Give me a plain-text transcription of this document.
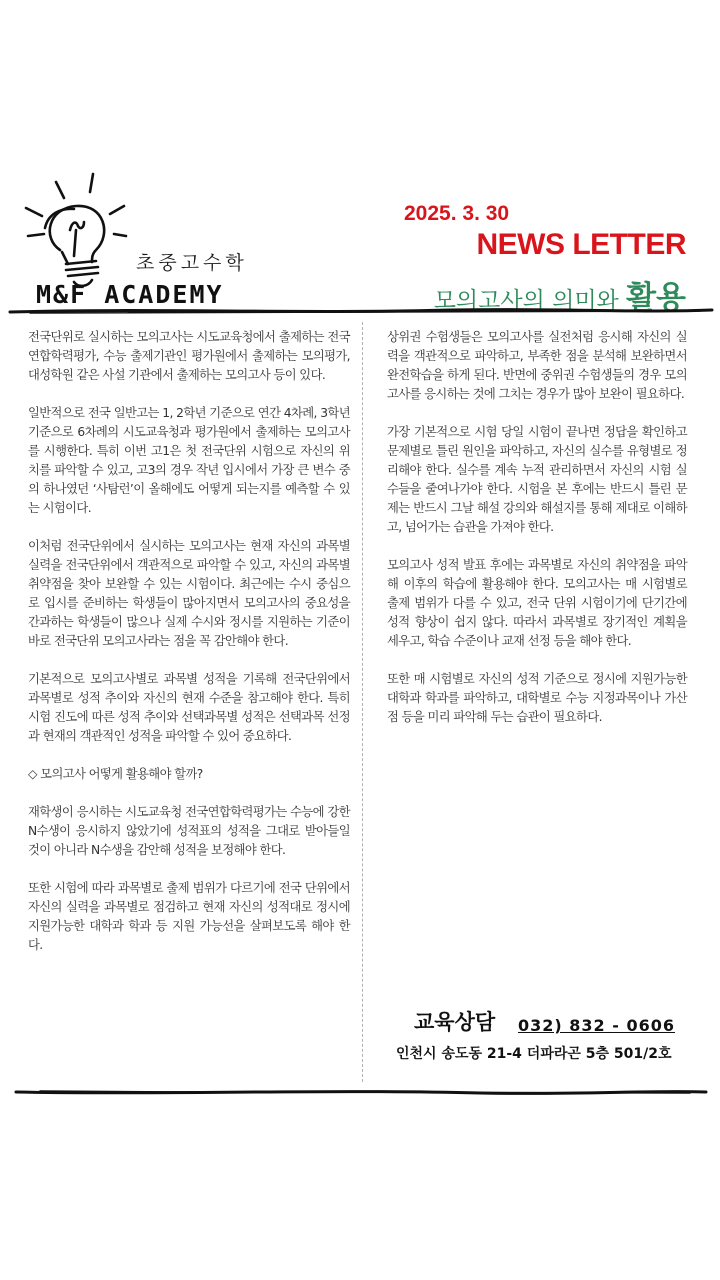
초중고수학
M&F ACADEMY
2025. 3. 30
NEWS LETTER
모의고사의 의미와 활용

전국단위로 실시하는 모의고사는 시도교육청에서 출제하는 전국연합학력평가, 수능 출제기관인 평가원에서 출제하는 모의평가, 대성학원 같은 사설 기관에서 출제하는 모의고사 등이 있다.

일반적으로 전국 일반고는 1, 2학년 기준으로 연간 4차례, 3학년 기준으로 6차례의 시도교육청과 평가원에서 출제하는 모의고사를 시행한다. 특히 이번 고1은 첫 전국단위 시험으로 자신의 위치를 파악할 수 있고, 고3의 경우 작년 입시에서 가장 큰 변수 중의 하나였던 ‘사탐런’이 올해에도 어떻게 되는지를 예측할 수 있는 시험이다.

이처럼 전국단위에서 실시하는 모의고사는 현재 자신의 과목별 실력을 전국단위에서 객관적으로 파악할 수 있고, 자신의 과목별 취약점을 찾아 보완할 수 있는 시험이다. 최근에는 수시 중심으로 입시를 준비하는 학생들이 많아지면서 모의고사의 중요성을 간과하는 학생들이 많으나 실제 수시와 정시를 지원하는 기준이 바로 전국단위 모의고사라는 점을 꼭 감안해야 한다.

기본적으로 모의고사별로 과목별 성적을 기록해 전국단위에서 과목별로 성적 추이와 자신의 현재 수준을 참고해야 한다. 특히 시험 진도에 따른 성적 추이와 선택과목별 성적은 선택과목 선정과 현재의 객관적인 성적을 파악할 수 있어 중요하다.

◇ 모의고사 어떻게 활용해야 할까?

재학생이 응시하는 시도교육청 전국연합학력평가는 수능에 강한 N수생이 응시하지 않았기에 성적표의 성적을 그대로 받아들일 것이 아니라 N수생을 감안해 성적을 보정해야 한다.

또한 시험에 따라 과목별로 출제 범위가 다르기에 전국 단위에서 자신의 실력을 과목별로 점검하고 현재 자신의 성적대로 정시에 지원가능한 대학과 학과 등 지원 가능선을 살펴보도록 해야 한다.

상위권 수험생들은 모의고사를 실전처럼 응시해 자신의 실력을 객관적으로 파악하고, 부족한 점을 분석해 보완하면서 완전학습을 하게 된다. 반면에 중위권 수험생들의 경우 모의고사를 응시하는 것에 그치는 경우가 많아 보완이 필요하다.

가장 기본적으로 시험 당일 시험이 끝나면 정답을 확인하고 문제별로 틀린 원인을 파악하고, 자신의 실수를 유형별로 정리해야 한다. 실수를 계속 누적 관리하면서 자신의 시험 실수들을 줄여나가야 한다. 시험을 본 후에는 반드시 틀린 문제는 반드시 그날 해설 강의와 해설지를 통해 제대로 이해하고, 넘어가는 습관을 가져야 한다.

모의고사 성적 발표 후에는 과목별로 자신의 취약점을 파악해 이후의 학습에 활용해야 한다. 모의고사는 매 시험별로 출제 범위가 다를 수 있고, 전국 단위 시험이기에 단기간에 성적 향상이 쉽지 않다. 따라서 과목별로 장기적인 계획을 세우고, 학습 수준이나 교재 선정 등을 해야 한다.

또한 매 시험별로 자신의 성적 기준으로 정시에 지원가능한 대학과 학과를 파악하고, 대학별로 수능 지정과목이나 가산점 등을 미리 파악해 두는 습관이 필요하다.

교육상담 032) 832 - 0606
인천시 송도동 21-4 더파라곤 5층 501/2호
